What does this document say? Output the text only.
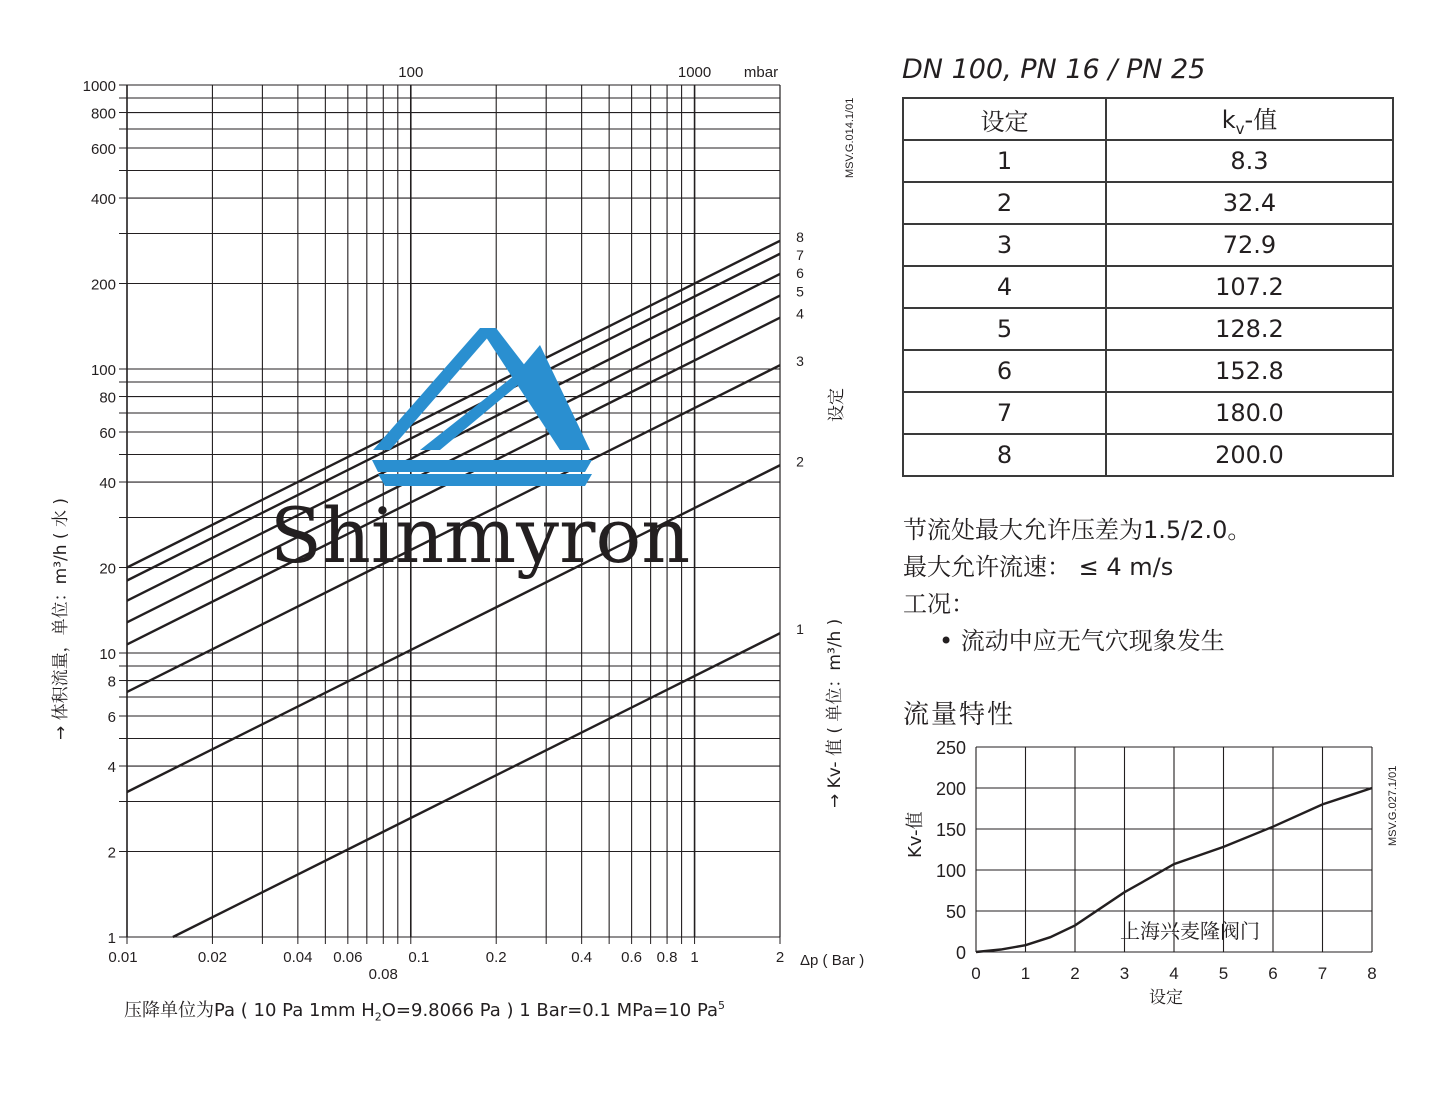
0.01	0.02	0.04 0.06
0.08
0.1	0.2	0.4 0.6 0.8 1	2
1
2
4
6
8
10
20
40
60
80
100
200
400
600
800
1000
100	1000 mbar
Δp ( Bar )
→ 体积流量，单位：m³/h ( 水 )	→ Kv- 值 ( 单位：m³/h )
设定
MSV.G.014.1/01
1
2
3
4
5
6
7
8
Shinmyron
0 1 2 3 4 5 6 7 8
0
50
100
150
200
250
设定
Kv-值	MSV.G.027.1/01
上海兴麦隆阀门
DN 100, PN 16 / PN 25
设定	$k_v-$值
1	8.3
2	32.4
3	72.9
4	107.2
5	128.2
6	152.8
7	180.0
8	200.0
节流处最大允许压差为1.5/2.0。
最大允许流速： ≤ 4 m/s
工况：
• 流动中应无气穴现象发生
流量特性
压降单位为Pa ( 10 Pa 1mm $H_2O=9.8066$ Pa ) 1 Bar=0.1 MPa=10 Pa$^5$
